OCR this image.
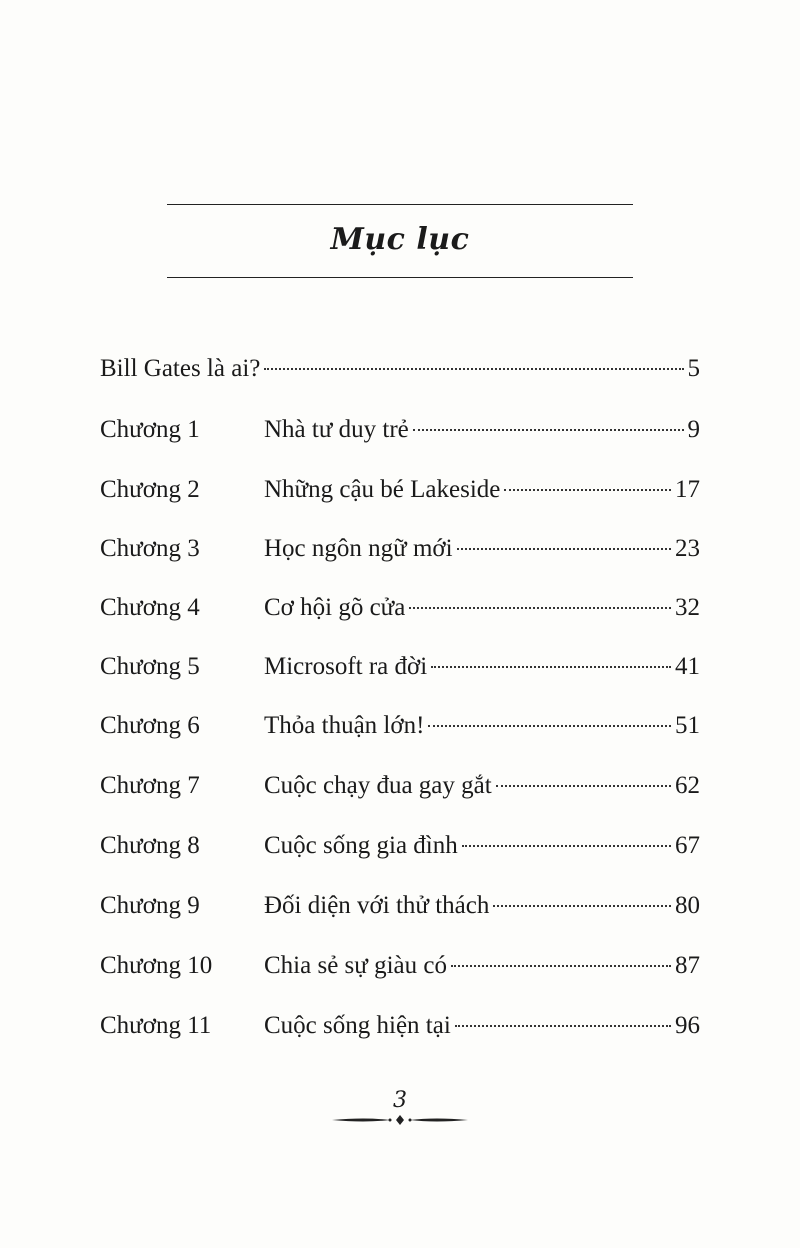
Mục lục
Bill Gates là ai?	5
Chương 1	Nhà tư duy trẻ	9
Chương 2	Những cậu bé Lakeside	17
Chương 3	Học ngôn ngữ mới	23
Chương 4	Cơ hội gõ cửa	32
Chương 5	Microsoft ra đời	41
Chương 6	Thỏa thuận lớn!	51
Chương 7	Cuộc chạy đua gay gắt	62
Chương 8	Cuộc sống gia đình	67
Chương 9	Đối diện với thử thách	80
Chương 10	Chia sẻ sự giàu có	87
Chương 11	Cuộc sống hiện tại	96
3
